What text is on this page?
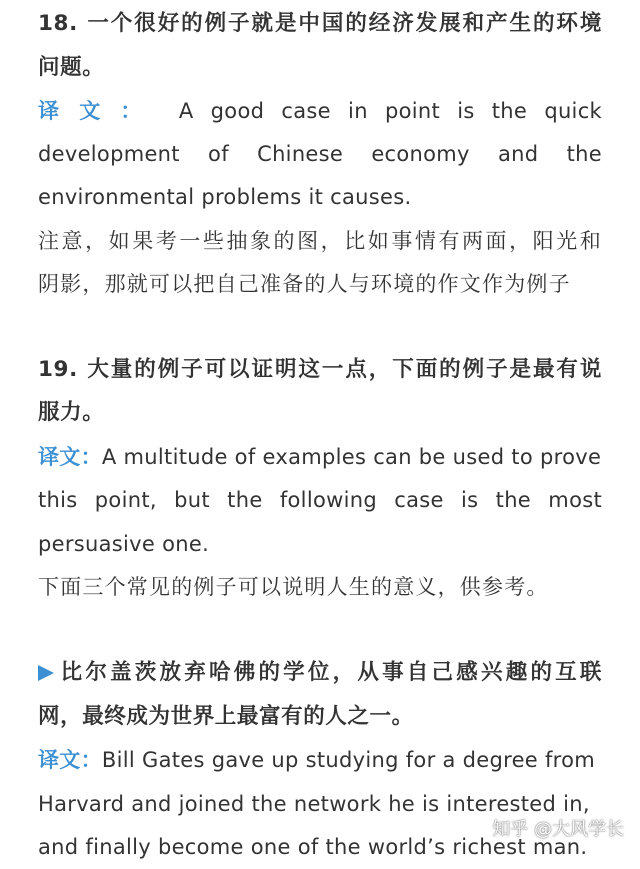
18. 一个很好的例子就是中国的经济发展和产生的环境
问题。
译文： A good case in point is the quick
development of Chinese economy and the
environmental problems it causes.
注意，如果考一些抽象的图，比如事情有两面，阳光和
阴影，那就可以把自己准备的人与环境的作文作为例子
19. 大量的例子可以证明这一点，下面的例子是最有说
服力。
译文：A multitude of examples can be used to prove
this point, but the following case is the most
persuasive one.
下面三个常见的例子可以说明人生的意义，供参考。
比尔盖茨放弃哈佛的学位，从事自己感兴趣的互联
网，最终成为世界上最富有的人之一。
译文：Bill Gates gave up studying for a degree from
Harvard and joined the network he is interested in,
and finally become one of the world’s richest man.
知乎 @大风学长
